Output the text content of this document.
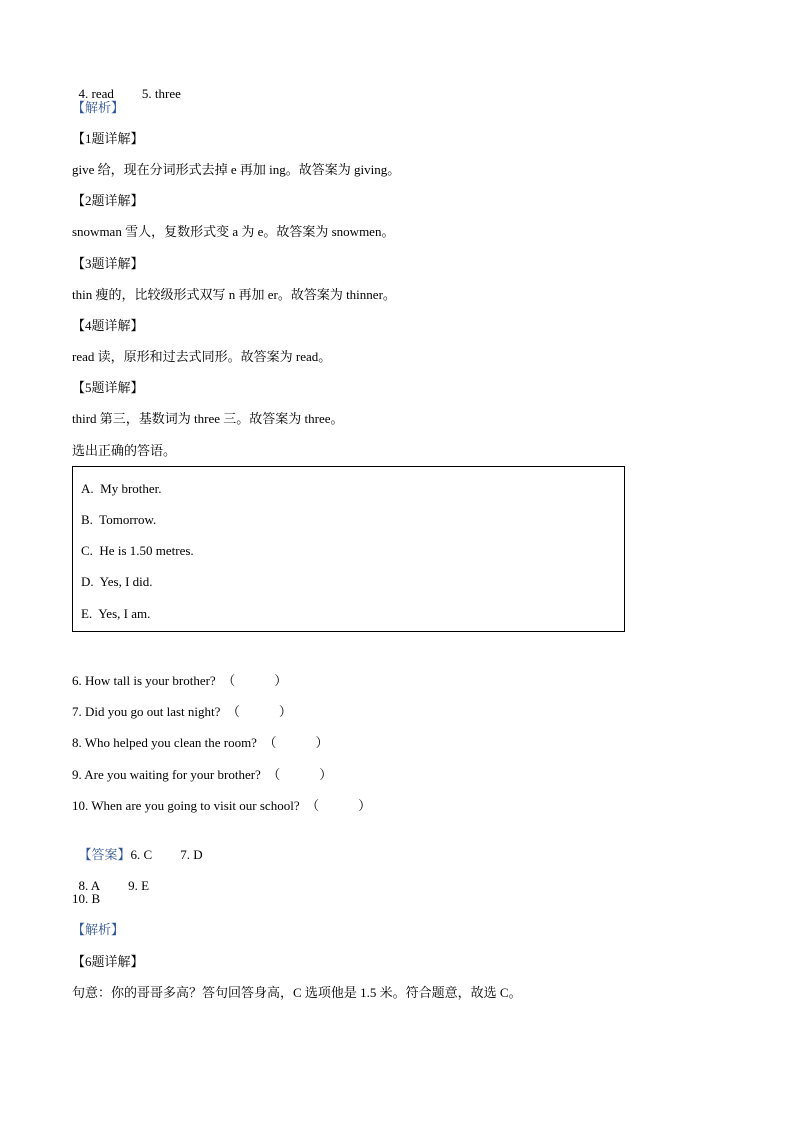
4. read 5. three

【解析】
【1题详解】
give 给，现在分词形式去掉 e 再加 ing。故答案为 giving。
【2题详解】
snowman 雪人，复数形式变 a 为 e。故答案为 snowmen。
【3题详解】
thin 瘦的，比较级形式双写 n 再加 er。故答案为 thinner。
【4题详解】
read 读，原形和过去式同形。故答案为 read。
【5题详解】
third 第三，基数词为 three 三。故答案为 three。
选出正确的答语。
A.  My brother.
B.  Tomorrow.
C.  He is 1.50 metres.
D.  Yes, I did.
E.  Yes, I am.
6. How tall is your brother?  （            ）
7. Did you go out last night?  （            ）
8. Who helped you clean the room?  （            ）
9. Are you waiting for your brother?  （            ）
10. When are you going to visit our school?  （            ）

【答案】6. C 7. D

8. A 9. E

10. B
【解析】
【6题详解】
句意：你的哥哥多高？答句回答身高，C 选项他是 1.5 米。符合题意，故选 C。
